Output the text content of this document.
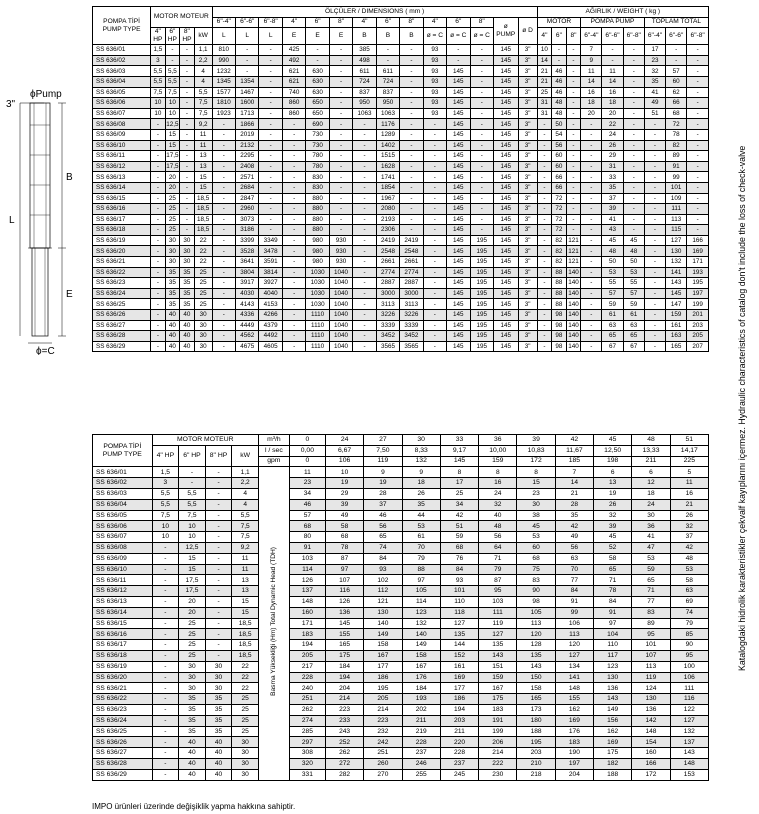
ϕPump
3"
B
E
L
ϕ=C
POMPA TİPİ
PUMP TYPE	MOTOR MOTEUR				ÖLÇÜLER / DIMENSIONS ( mm )														AĞIRLIK / WEIGHT ( kg )								
					6"-4"	6"-6"	6"-8"	4"	6"	8"	4"	6"	8"	4"	6"	8"	ø PUMP	ø D	MOTOR			POMPA PUMP			TOPLAM TOTAL		
	4" HP	6" HP	8" HP	kW	L	L	L	E	E	E	B	B	B	ø = C	ø = C	ø = C											
																			4"	6"	8"	6"-4"	6"-6"	6"-8"	6"-4"	6"-6"	6"-8"
SS 636/01	1,5	-	-	1,1	810	-	-	425	-	-	385	-	-	93	-	-	145	3"	10	-	-	7	-	-	17	-	-
SS 636/02	3	-	-	2,2	990	-	-	492	-	-	498	-	-	93	-	-	145	3"	14	-	-	9	-	-	23	-	-
SS 636/03	5,5	5,5	-	4	1232	-	-	621	630	-	611	611	-	93	145	-	145	3"	21	46	-	11	11	-	32	57	-
SS 636/04	5,5	5,5	-	4	1345	1354	-	621	630	-	724	724	-	93	145	-	145	3"	21	46	-	14	14	-	35	60	-
SS 636/05	7,5	7,5	-	5,5	1577	1467	-	740	630	-	837	837	-	93	145	-	145	3"	25	46	-	16	16	-	41	62	-
SS 636/06	10	10	-	7,5	1810	1600	-	860	650	-	950	950	-	93	145	-	145	3"	31	48	-	18	18	-	49	66	-
SS 636/07	10	10	-	7,5	1923	1713	-	860	650	-	1063	1063	-	93	145	-	145	3"	31	48	-	20	20	-	51	68	-
SS 636/08	-	12,5	-	9,2	-	1866	-	-	690	-	-	1176	-	-	145	-	145	3"	-	50	-	-	22	-	-	72	-
SS 636/09	-	15	-	11	-	2019	-	-	730	-	-	1289	-	-	145	-	145	3"	-	54	-	-	24	-	-	78	-
SS 636/10	-	15	-	11	-	2132	-	-	730	-	-	1402	-	-	145	-	145	3"	-	56	-	-	26	-	-	82	-
SS 636/11	-	17,5	-	13	-	2295	-	-	780	-	-	1515	-	-	145	-	145	3"	-	60	-	-	29	-	-	89	-
SS 636/12	-	17,5	-	13	-	2408	-	-	780	-	-	1628	-	-	145	-	145	3"	-	60	-	-	31	-	-	91	-
SS 636/13	-	20	-	15	-	2571	-	-	830	-	-	1741	-	-	145	-	145	3"	-	66	-	-	33	-	-	99	-
SS 636/14	-	20	-	15	-	2684	-	-	830	-	-	1854	-	-	145	-	145	3"	-	66	-	-	35	-	-	101	-
SS 636/15	-	25	-	18,5	-	2847	-	-	880	-	-	1967	-	-	145	-	145	3"	-	72	-	-	37	-	-	109	-
SS 636/16	-	25	-	18,5	-	2960	-	-	880	-	-	2080	-	-	145	-	145	3"	-	72	-	-	39	-	-	111	-
SS 636/17	-	25	-	18,5	-	3073	-	-	880	-	-	2193	-	-	145	-	145	3"	-	72	-	-	41	-	-	113	-
SS 636/18	-	25	-	18,5	-	3186	-	-	880	-	-	2306	-	-	145	-	145	3"	-	72	-	-	43	-	-	115	-
SS 636/19	-	30	30	22	-	3399	3349	-	980	930	-	2419	2419	-	145	195	145	3"	-	82	121	-	45	45	-	127	166
SS 636/20	-	30	30	22	-	3528	3478	-	980	930	-	2548	2548	-	145	195	145	3"	-	82	121	-	48	48	-	130	169
SS 636/21	-	30	30	22	-	3641	3591	-	980	930	-	2661	2661	-	145	195	145	3"	-	82	121	-	50	50	-	132	171
SS 636/22	-	35	35	25	-	3804	3814	-	1030	1040	-	2774	2774	-	145	195	145	3"	-	88	140	-	53	53	-	141	193
SS 636/23	-	35	35	25	-	3917	3927	-	1030	1040	-	2887	2887	-	145	195	145	3"	-	88	140	-	55	55	-	143	195
SS 636/24	-	35	35	25	-	4030	4040	-	1030	1040	-	3000	3000	-	145	195	145	3"	-	88	140	-	57	57	-	145	197
SS 636/25	-	35	35	25	-	4143	4153	-	1030	1040	-	3113	3113	-	145	195	145	3"	-	88	140	-	59	59	-	147	199
SS 636/26	-	40	40	30	-	4336	4266	-	1110	1040	-	3226	3226	-	145	195	145	3"	-	98	140	-	61	61	-	159	201
SS 636/27	-	40	40	30	-	4449	4379	-	1110	1040	-	3339	3339	-	145	195	145	3"	-	98	140	-	63	63	-	161	203
SS 636/28	-	40	40	30	-	4562	4492	-	1110	1040	-	3452	3452	-	145	195	145	3"	-	98	140	-	65	65	-	163	205
SS 636/29	-	40	40	30	-	4675	4605	-	1110	1040	-	3565	3565	-	145	195	145	3"	-	98	140	-	67	67	-	165	207
POMPA TİPİ
PUMP TYPE	MOTOR MOTEUR				m³/h	0	24	27	30	33	36	39	42	45	48	51
	4" HP	6" HP	8" HP	kW	l / sec	0,00	6,67	7,50	8,33	9,17	10,00	10,83	11,67	12,50	13,33	14,17
					gpm	0	106	119	132	145	159	172	185	198	211	225
SS 636/01	1,5	-	-	1,1	Basma Yüksekliği (Hm) Total Dynamic Head (TDH)	11	10	9	9	8	8	8	7	6	6	5
SS 636/02	3	-	-	2,2		23	19	19	18	17	16	15	14	13	12	11
SS 636/03	5,5	5,5	-	4		34	29	28	26	25	24	23	21	19	18	16
SS 636/04	5,5	5,5	-	4		46	39	37	35	34	32	30	28	26	24	21
SS 636/05	7,5	7,5	-	5,5		57	49	46	44	42	40	38	35	32	30	26
SS 636/06	10	10	-	7,5		68	58	56	53	51	48	45	42	39	36	32
SS 636/07	10	10	-	7,5		80	68	65	61	59	56	53	49	45	41	37
SS 636/08	-	12,5	-	9,2		91	78	74	70	68	64	60	56	52	47	42
SS 636/09	-	15	-	11		103	87	84	79	76	71	68	63	58	53	48
SS 636/10	-	15	-	11		114	97	93	88	84	79	75	70	65	59	53
SS 636/11	-	17,5	-	13		126	107	102	97	93	87	83	77	71	65	58
SS 636/12	-	17,5	-	13		137	116	112	105	101	95	90	84	78	71	63
SS 636/13	-	20	-	15		148	126	121	114	110	103	98	91	84	77	69
SS 636/14	-	20	-	15		160	136	130	123	118	111	105	99	91	83	74
SS 636/15	-	25	-	18,5		171	145	140	132	127	119	113	106	97	89	79
SS 636/16	-	25	-	18,5		183	155	149	140	135	127	120	113	104	95	85
SS 636/17	-	25	-	18,5		194	165	158	149	144	135	128	120	110	101	90
SS 636/18	-	25	-	18,5		205	175	167	158	152	143	135	127	117	107	95
SS 636/19	-	30	30	22		217	184	177	167	161	151	143	134	123	113	100
SS 636/20	-	30	30	22		228	194	186	176	169	159	150	141	130	119	106
SS 636/21	-	30	30	22		240	204	195	184	177	167	158	148	136	124	111
SS 636/22	-	35	35	25		251	214	205	193	186	175	165	155	143	130	116
SS 636/23	-	35	35	25		262	223	214	202	194	183	173	162	149	136	122
SS 636/24	-	35	35	25		274	233	223	211	203	191	180	169	156	142	127
SS 636/25	-	35	35	25		285	243	232	219	211	199	188	176	162	148	132
SS 636/26	-	40	40	30		297	252	242	228	220	206	195	183	169	154	137
SS 636/27	-	40	40	30		308	262	251	237	228	214	203	190	175	160	143
SS 636/28	-	40	40	30		320	272	260	246	237	222	210	197	182	166	148
SS 636/29	-	40	40	30		331	282	270	255	245	230	218	204	188	172	153
IMPO ürünleri üzerinde değişiklik yapma hakkına sahiptir.
Katalogdaki hidrolik karakteristikler çekvalf kayıplarını içermez. Hydraulic characteristics of catalog don't include the loss of check-valve
